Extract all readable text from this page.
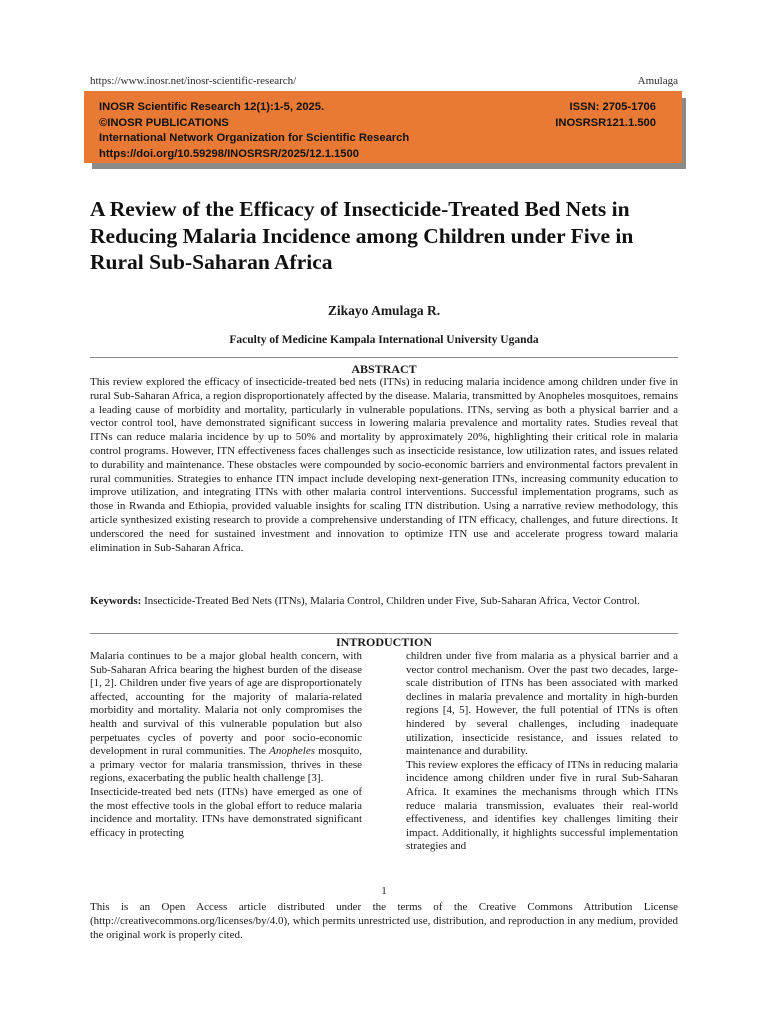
https://www.inosr.net/inosr-scientific-research/	Amulaga
INOSR Scientific Research 12(1):1-5, 2025.
©INOSR PUBLICATIONS
International Network Organization for Scientific Research
https://doi.org/10.59298/INOSRSR/2025/12.1.1500
ISSN: 2705-1706
INOSRSR121.1.500
A Review of the Efficacy of Insecticide-Treated Bed Nets in Reducing Malaria Incidence among Children under Five in Rural Sub-Saharan Africa
Zikayo Amulaga R.
Faculty of Medicine Kampala International University Uganda
ABSTRACT
This review explored the efficacy of insecticide-treated bed nets (ITNs) in reducing malaria incidence among children under five in rural Sub-Saharan Africa, a region disproportionately affected by the disease. Malaria, transmitted by Anopheles mosquitoes, remains a leading cause of morbidity and mortality, particularly in vulnerable populations. ITNs, serving as both a physical barrier and a vector control tool, have demonstrated significant success in lowering malaria prevalence and mortality rates. Studies reveal that ITNs can reduce malaria incidence by up to 50% and mortality by approximately 20%, highlighting their critical role in malaria control programs. However, ITN effectiveness faces challenges such as insecticide resistance, low utilization rates, and issues related to durability and maintenance. These obstacles were compounded by socio-economic barriers and environmental factors prevalent in rural communities. Strategies to enhance ITN impact include developing next-generation ITNs, increasing community education to improve utilization, and integrating ITNs with other malaria control interventions. Successful implementation programs, such as those in Rwanda and Ethiopia, provided valuable insights for scaling ITN distribution. Using a narrative review methodology, this article synthesized existing research to provide a comprehensive understanding of ITN efficacy, challenges, and future directions. It underscored the need for sustained investment and innovation to optimize ITN use and accelerate progress toward malaria elimination in Sub-Saharan Africa.
Keywords: Insecticide-Treated Bed Nets (ITNs), Malaria Control, Children under Five, Sub-Saharan Africa, Vector Control.
INTRODUCTION

Malaria continues to be a major global health concern, with Sub-Saharan Africa bearing the highest burden of the disease [1, 2]. Children under five years of age are disproportionately affected, accounting for the majority of malaria-related morbidity and mortality. Malaria not only compromises the health and survival of this vulnerable population but also perpetuates cycles of poverty and poor socio-economic development in rural communities. The Anopheles mosquito, a primary vector for malaria transmission, thrives in these regions, exacerbating the public health challenge [3].

Insecticide-treated bed nets (ITNs) have emerged as one of the most effective tools in the global effort to reduce malaria incidence and mortality. ITNs have demonstrated significant efficacy in protecting

children under five from malaria as a physical barrier and a vector control mechanism. Over the past two decades, large-scale distribution of ITNs has been associated with marked declines in malaria prevalence and mortality in high-burden regions [4, 5]. However, the full potential of ITNs is often hindered by several challenges, including inadequate utilization, insecticide resistance, and issues related to maintenance and durability.

This review explores the efficacy of ITNs in reducing malaria incidence among children under five in rural Sub-Saharan Africa. It examines the mechanisms through which ITNs reduce malaria transmission, evaluates their real-world effectiveness, and identifies key challenges limiting their impact. Additionally, it highlights successful implementation strategies and

1
This is an Open Access article distributed under the terms of the Creative Commons Attribution License (http://creativecommons.org/licenses/by/4.0), which permits unrestricted use, distribution, and reproduction in any medium, provided the original work is properly cited.
